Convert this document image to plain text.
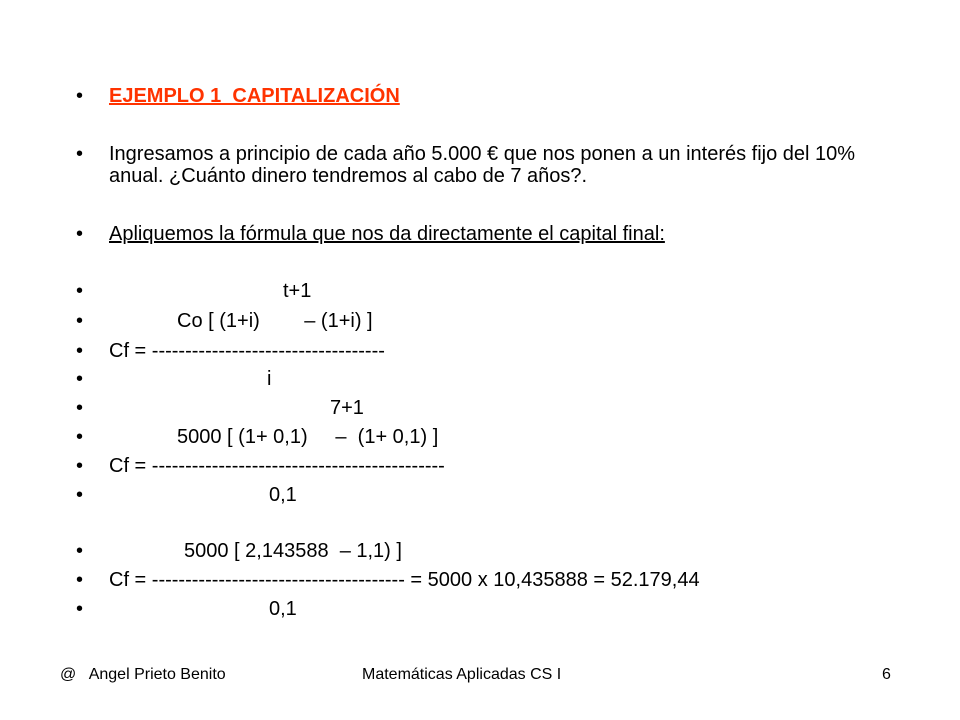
•

EJEMPLO 1  CAPITALIZACIÓN

•

Ingresamos a principio de cada año 5.000 € que nos ponen a un interés fijo del 10% anual. ¿Cuánto dinero tendremos al cabo de 7 años?.

•

Apliquemos la fórmula que nos da directamente el capital final:

•

	t+1

•

	Co [ (1+i)        – (1+i) ]

•

Cf = -----------------------------------

•

	i

•

	7+1

•

	5000 [ (1+ 0,1)     –  (1+ 0,1) ]

•

Cf = --------------------------------------------

•

	0,1

•

	5000 [ 2,143588  – 1,1) ]

•

Cf = -------------------------------------- = 5000 x 10,435888 = 52.179,44

•

	0,1

@   Angel Prieto Benito	Matemáticas Aplicadas CS I	6
